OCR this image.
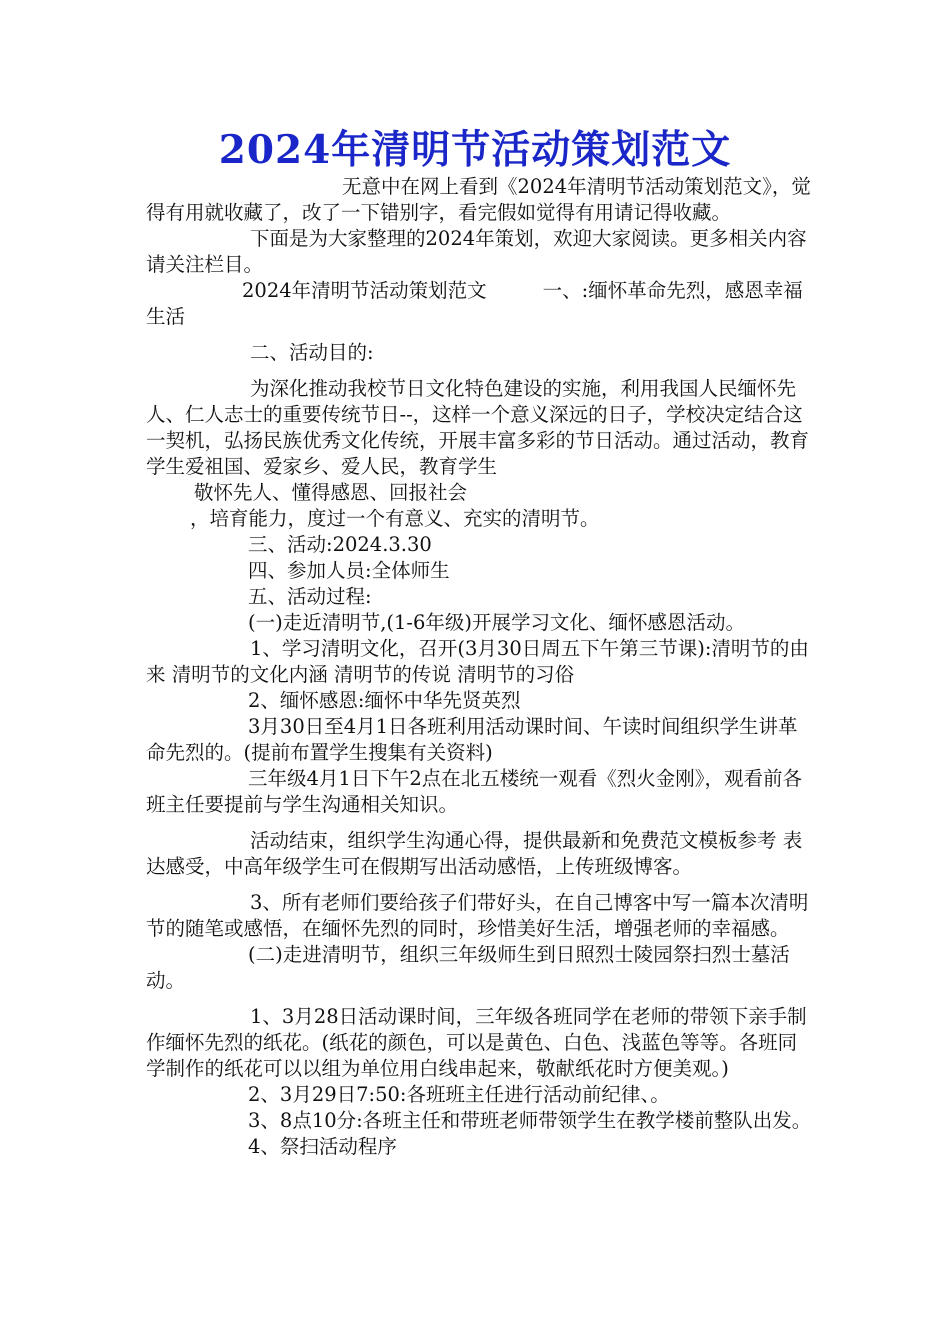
2024年清明节活动策划范文

无意中在网上看到《2024年清明节活动策划范文》，觉得有用就收藏了，改了一下错别字，看完假如觉得有用请记得收藏。

下面是为大家整理的2024年策划，欢迎大家阅读。更多相关内容请关注栏目。

2024年清明节活动策划范文	一、:缅怀革命先烈，感恩幸福生活

二、活动目的:

为深化推动我校节日文化特色建设的实施，利用我国人民缅怀先人、仁人志士的重要传统节日--，这样一个意义深远的日子，学校决定结合这一契机，弘扬民族优秀文化传统，开展丰富多彩的节日活动。通过活动，教育学生爱祖国、爱家乡、爱人民，教育学生

敬怀先人、懂得感恩、回报社会

，培育能力，度过一个有意义、充实的清明节。

三、活动:2024.3.30

四、参加人员:全体师生

五、活动过程:

(一)走近清明节,(1-6年级)开展学习文化、缅怀感恩活动。

1、学习清明文化，召开(3月30日周五下午第三节课):清明节的由来 清明节的文化内涵 清明节的传说 清明节的习俗

2、缅怀感恩:缅怀中华先贤英烈

3月30日至4月1日各班利用活动课时间、午读时间组织学生讲革命先烈的。(提前布置学生搜集有关资料)

三年级4月1日下午2点在北五楼统一观看《烈火金刚》，观看前各班主任要提前与学生沟通相关知识。

活动结束，组织学生沟通心得，提供最新和免费范文模板参考 表达感受，中高年级学生可在假期写出活动感悟，上传班级博客。

3、所有老师们要给孩子们带好头，在自己博客中写一篇本次清明节的随笔或感悟，在缅怀先烈的同时，珍惜美好生活，增强老师的幸福感。

(二)走进清明节，组织三年级师生到日照烈士陵园祭扫烈士墓活动。

1、3月28日活动课时间，三年级各班同学在老师的带领下亲手制作缅怀先烈的纸花。(纸花的颜色，可以是黄色、白色、浅蓝色等等。各班同学制作的纸花可以以组为单位用白线串起来，敬献纸花时方便美观。)

2、3月29日7:50:各班班主任进行活动前纪律、。

3、8点10分:各班主任和带班老师带领学生在教学楼前整队出发。

4、祭扫活动程序
